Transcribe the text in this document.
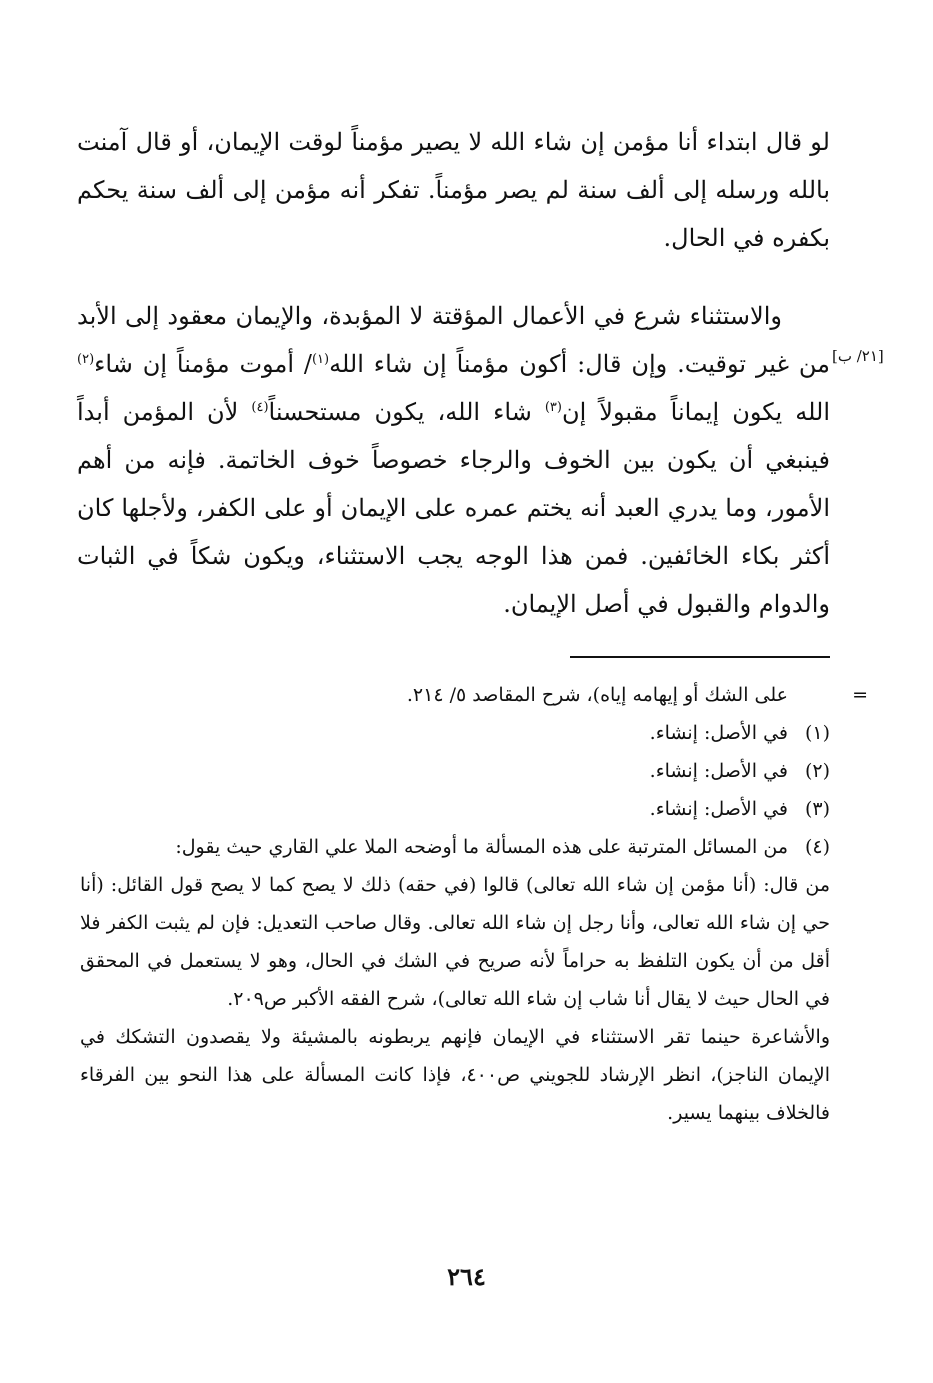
لو قال ابتداء أنا مؤمن إن شاء الله لا يصير مؤمناً لوقت الإيمان، أو قال آمنت بالله ورسله إلى ألف سنة لم يصر مؤمناً. تفكر أنه مؤمن إلى ألف سنة يحكم بكفره في الحال.
والاستثناء شرع في الأعمال المؤقتة لا المؤبدة، والإيمان معقود إلى الأبد من غير توقيت. وإن قال: أكون مؤمناً إن شاء الله$^{(١)}$/ أموت مؤمناً إن شاء$^{(٢)}$ الله يكون إيماناً مقبولاً إن$^{(٣)}$ شاء الله، يكون مستحسناً$^{(٤)}$ لأن المؤمن أبداً فينبغي أن يكون بين الخوف والرجاء خصوصاً خوف الخاتمة. فإنه من أهم الأمور، وما يدري العبد أنه يختم عمره على الإيمان أو على الكفر، ولأجلها كان أكثر بكاء الخائفين. فمن هذا الوجه يجب الاستثناء، ويكون شكاً في الثبات والدوام والقبول في أصل الإيمان.
[٢١/ ب]
=
على الشك أو إيهامه إياه)، شرح المقاصد ٥/ ٢١٤.
(١)
في الأصل: إنشاء.
(٢)
في الأصل: إنشاء.
(٣)
في الأصل: إنشاء.
(٤)
من المسائل المترتبة على هذه المسألة ما أوضحه الملا علي القاري حيث يقول:
من قال: (أنا مؤمن إن شاء الله تعالى) قالوا (في حقه) ذلك لا يصح كما لا يصح قول القائل: (أنا حي إن شاء الله تعالى، وأنا رجل إن شاء الله تعالى. وقال صاحب التعديل: فإن لم يثبت الكفر فلا أقل من أن يكون التلفظ به حراماً لأنه صريح في الشك في الحال، وهو لا يستعمل في المحقق في الحال حيث لا يقال أنا شاب إن شاء الله تعالى)، شرح الفقه الأكبر ص٢٠٩.
والأشاعرة حينما تقر الاستثناء في الإيمان فإنهم يربطونه بالمشيئة ولا يقصدون التشكك في الإيمان الناجز)، انظر الإرشاد للجويني ص٤٠٠، فإذا كانت المسألة على هذا النحو بين الفرقاء فالخلاف بينهما يسير.
٢٦٤
